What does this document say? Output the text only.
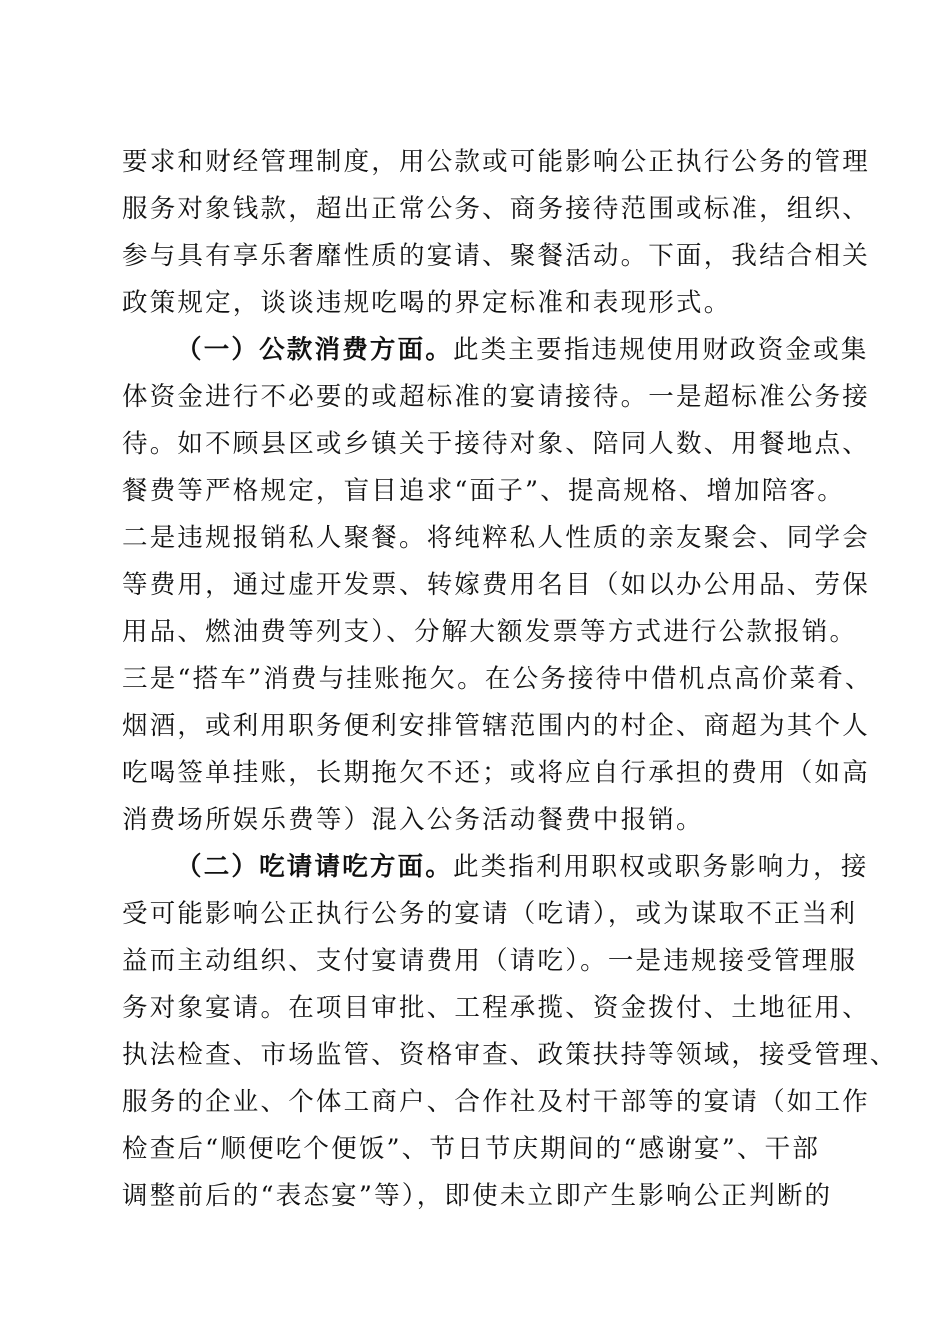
要求和财经管理制度，用公款或可能影响公正执行公务的管理
服务对象钱款，超出正常公务、商务接待范围或标准，组织、
参与具有享乐奢靡性质的宴请、聚餐活动。下面，我结合相关
政策规定，谈谈违规吃喝的界定标准和表现形式。
（一）公款消费方面。此类主要指违规使用财政资金或集
体资金进行不必要的或超标准的宴请接待。一是超标准公务接
待。如不顾县区或乡镇关于接待对象、陪同人数、用餐地点、
餐费等严格规定，盲目追求“面子”、提高规格、增加陪客。
二是违规报销私人聚餐。将纯粹私人性质的亲友聚会、同学会
等费用，通过虚开发票、转嫁费用名目（如以办公用品、劳保
用品、燃油费等列支）、分解大额发票等方式进行公款报销。
三是“搭车”消费与挂账拖欠。在公务接待中借机点高价菜肴、
烟酒，或利用职务便利安排管辖范围内的村企、商超为其个人
吃喝签单挂账，长期拖欠不还；或将应自行承担的费用（如高
消费场所娱乐费等）混入公务活动餐费中报销。
（二）吃请请吃方面。此类指利用职权或职务影响力，接
受可能影响公正执行公务的宴请（吃请），或为谋取不正当利
益而主动组织、支付宴请费用（请吃）。一是违规接受管理服
务对象宴请。在项目审批、工程承揽、资金拨付、土地征用、
执法检查、市场监管、资格审查、政策扶持等领域，接受管理、
服务的企业、个体工商户、合作社及村干部等的宴请（如工作
检查后“顺便吃个便饭”、节日节庆期间的“感谢宴”、干部
调整前后的“表态宴”等），即使未立即产生影响公正判断的
